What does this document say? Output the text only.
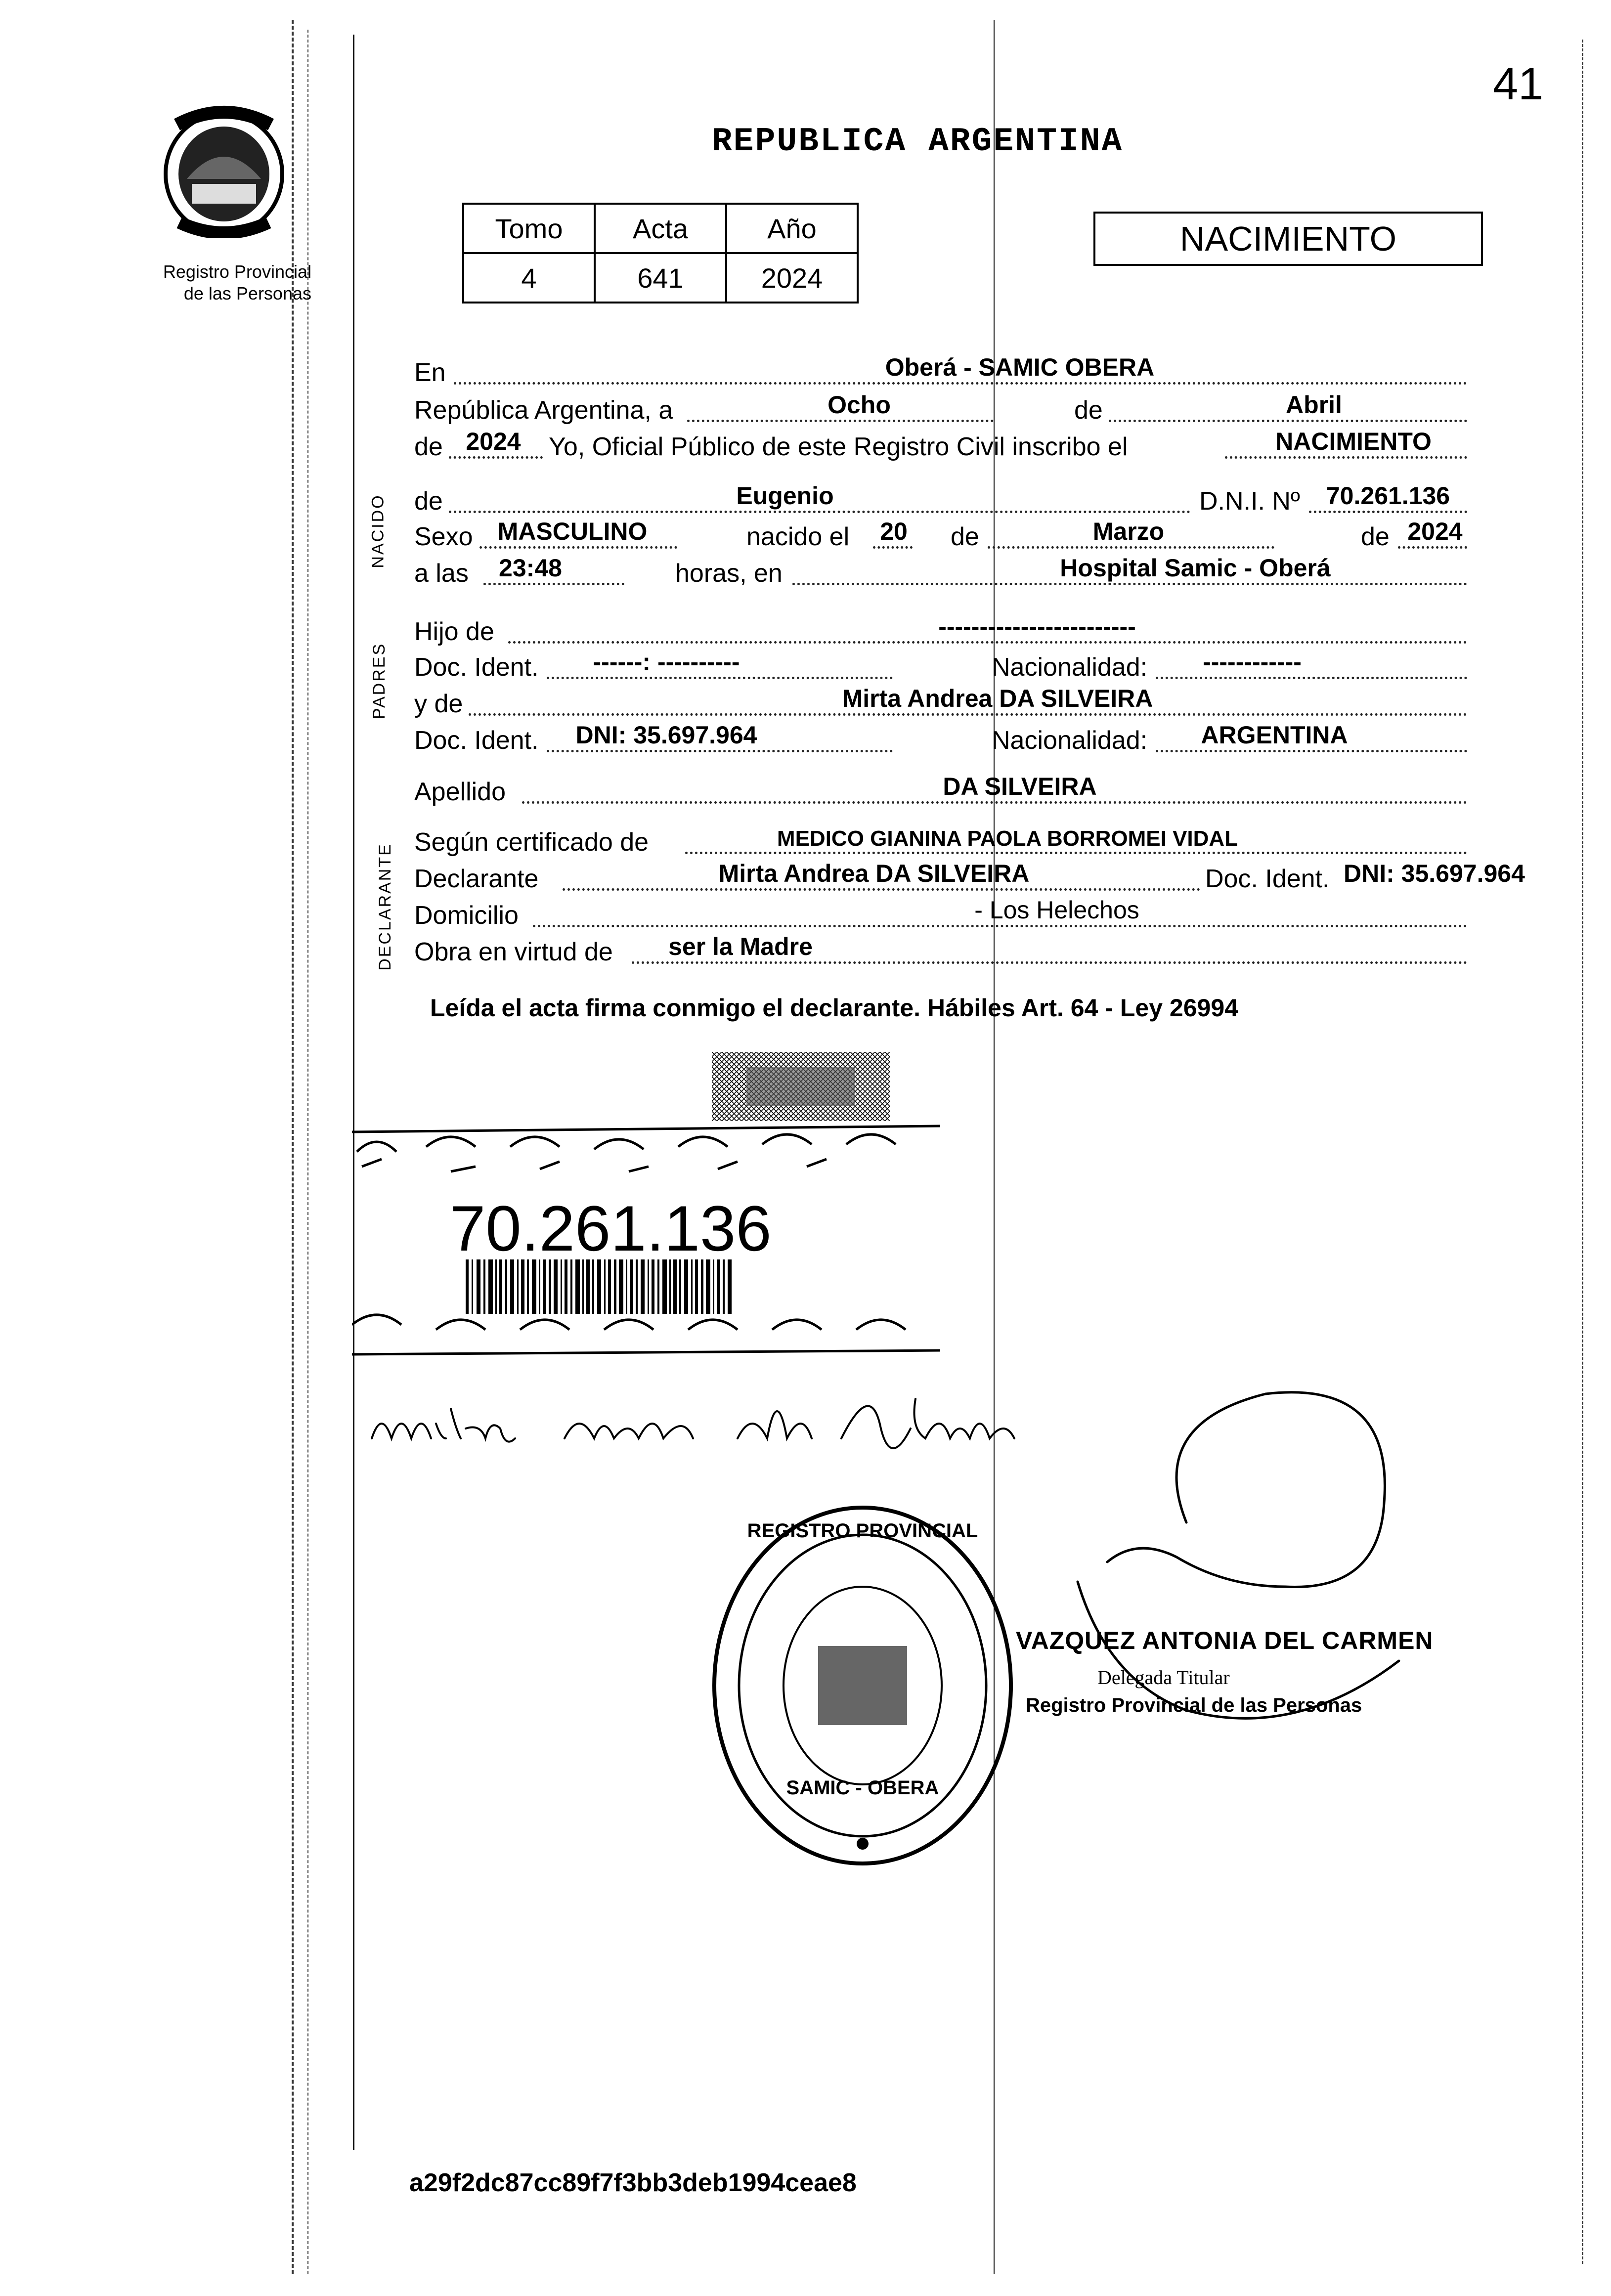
41
Registro Provincial
de las Personas
REPUBLICA ARGENTINA
Tomo	Acta	Año
4	641	2024
NACIMIENTO
NACIDO
PADRES
DECLARANTE
En	Oberá - SAMIC OBERA
República Argentina, a	Ocho	de	Abril
de 2024	Yo, Oficial Público de este Registro Civil inscribo el	NACIMIENTO
de	Eugenio	D.N.I. Nº	70.261.136
Sexo	MASCULINO	nacido el	20	de	Marzo	de 2024
a las	23:48	horas, en	Hospital Samic - Oberá
Hijo de	------------------------
Doc. Ident.	------: ----------	Nacionalidad:	------------
y de	Mirta Andrea DA SILVEIRA
Doc. Ident.	DNI: 35.697.964	Nacionalidad:	ARGENTINA
Apellido	DA SILVEIRA
Según certificado de	MEDICO GIANINA PAOLA BORROMEI VIDAL
Declarante	Mirta Andrea DA SILVEIRA	Doc. Ident. DNI: 35.697.964
Domicilio	- Los Helechos
Obra en virtud de	ser la Madre
Leída el acta firma conmigo el declarante. Hábiles Art. 64 - Ley 26994
70.261.136
REGISTRO PROVINCIAL
SAMIC - OBERA
VAZQUEZ ANTONIA DEL CARMEN
Delegada Titular
Registro Provincial de las Personas
a29f2dc87cc89f7f3bb3deb1994ceae8
